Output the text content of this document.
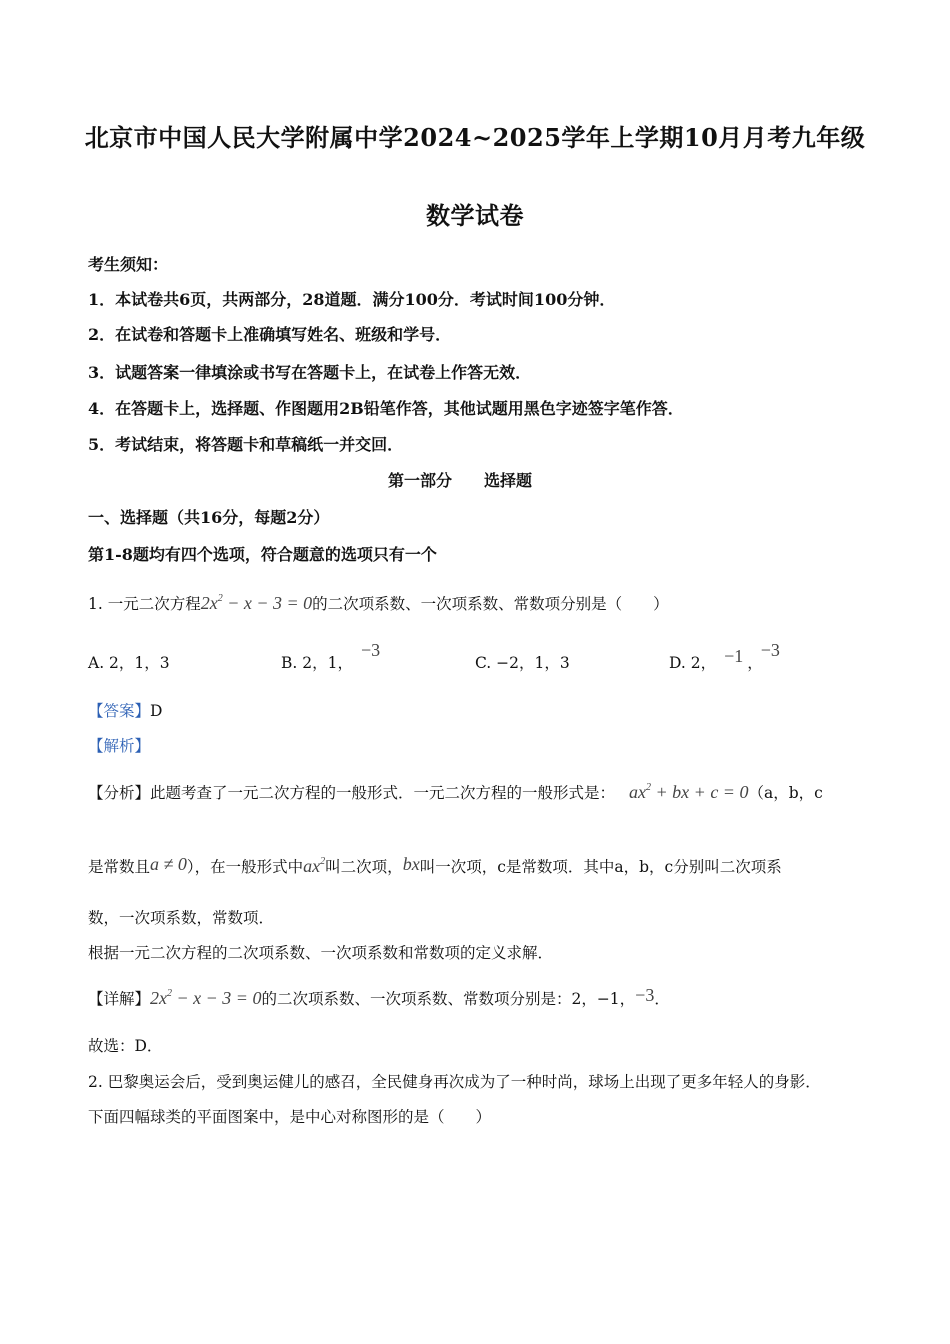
北京市中国人民大学附属中学2024~2025学年上学期10月月考九年级
数学试卷
考生须知：
1．本试卷共6页，共两部分，28道题．满分100分．考试时间100分钟．
2．在试卷和答题卡上准确填写姓名、班级和学号．
3．试题答案一律填涂或书写在答题卡上，在试卷上作答无效．
4．在答题卡上，选择题、作图题用2B铅笔作答，其他试题用黑色字迹签字笔作答．
5．考试结束，将答题卡和草稿纸一并交回．
第一部分　　选择题
一、选择题（共16分，每题2分）
第1-8题均有四个选项，符合题意的选项只有一个
1. 一元二次方程$2x^2 - x - 3 = 0$的二次项系数、一次项系数、常数项分别是（　　）
A. 2，1，3	B. 2，1，−3
C. −2，1，3	D. 2， −1 ，−3
【答案】D
【解析】
【分析】此题考查了一元二次方程的一般形式．一元二次方程的一般形式是： $ax^2$ + bx + c = 0（a，b，c
是常数且a ≠ 0），在一般形式中$ax^2$叫二次项，bx叫一次项，c是常数项．其中a，b，c分别叫二次项系
数，一次项系数，常数项．
根据一元二次方程的二次项系数、一次项系数和常数项的定义求解．
【详解】$2x^2 - x - 3 = 0$的二次项系数、一次项系数、常数项分别是：2，−1，−3．
故选：D．
2. 巴黎奥运会后，受到奥运健儿的感召，全民健身再次成为了一种时尚，球场上出现了更多年轻人的身影．
下面四幅球类的平面图案中，是中心对称图形的是（　　）
